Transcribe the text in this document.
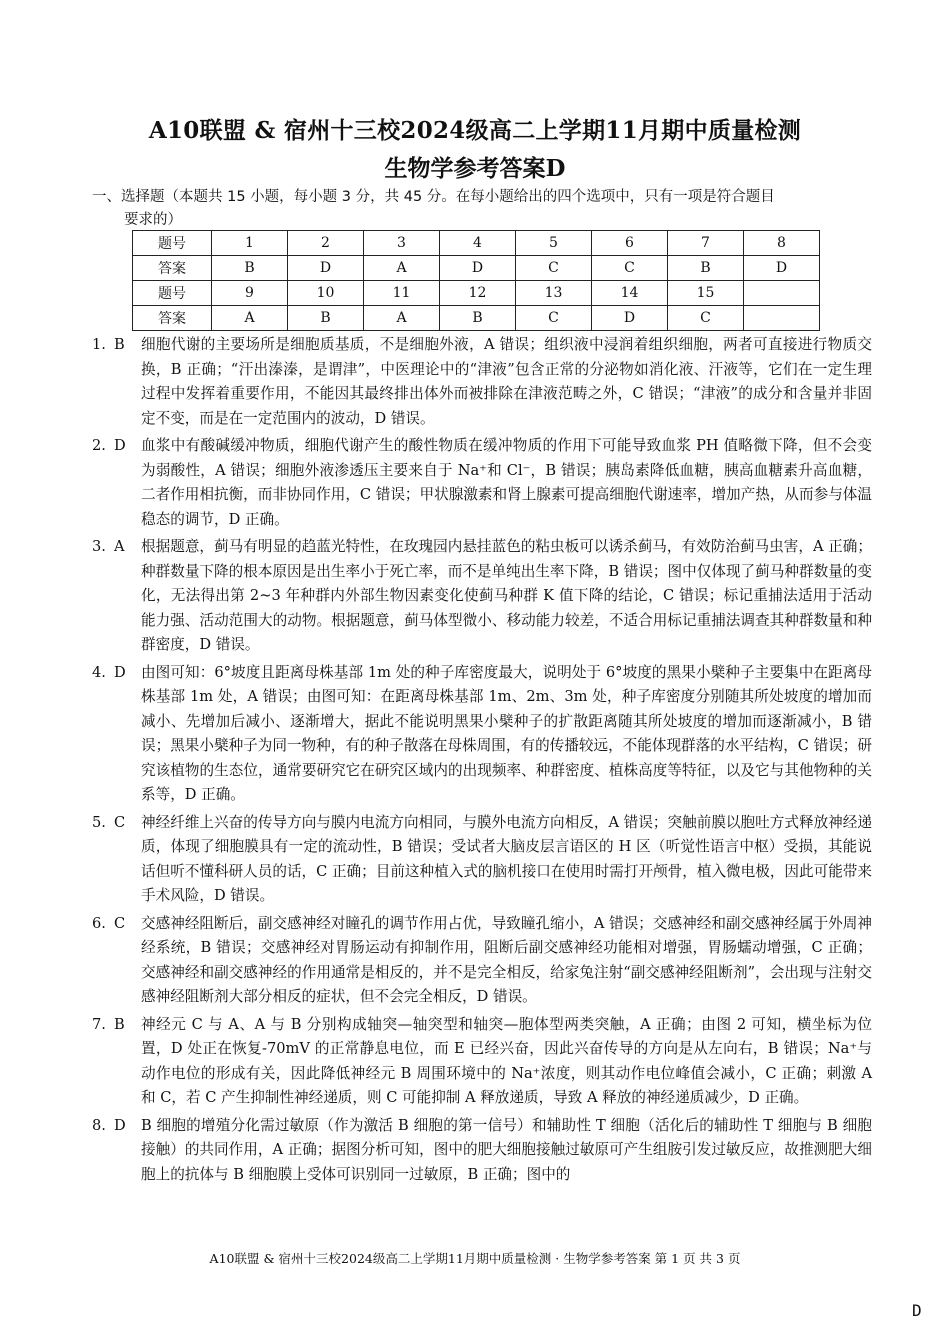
A10联盟 & 宿州十三校2024级高二上学期11月期中质量检测
生物学参考答案D
一、选择题（本题共 15 小题，每小题 3 分，共 45 分。在每小题给出的四个选项中，只有一项是符合题目
要求的）
题号	1	2	3	4	5	6	7	8
答案	B	D	A	D	C	C	B	D
题号	9	10	11	12	13	14	15	
答案	A	B	A	B	C	D	C	
1. B	细胞代谢的主要场所是细胞质基质，不是细胞外液，A 错误；组织液中浸润着组织细胞，两者可直接进行物质交换，B 正确；“汗出溱溱，是谓津”，中医理论中的“津液”包含正常的分泌物如消化液、汗液等，它们在一定生理过程中发挥着重要作用，不能因其最终排出体外而被排除在津液范畴之外，C 错误；“津液”的成分和含量并非固定不变，而是在一定范围内的波动，D 错误。
2. D	血浆中有酸碱缓冲物质，细胞代谢产生的酸性物质在缓冲物质的作用下可能导致血浆 PH 值略微下降，但不会变为弱酸性，A 错误；细胞外液渗透压主要来自于 Na⁺和 Cl⁻，B 错误；胰岛素降低血糖，胰高血糖素升高血糖，二者作用相抗衡，而非协同作用，C 错误；甲状腺激素和肾上腺素可提高细胞代谢速率，增加产热，从而参与体温稳态的调节，D 正确。
3. A	根据题意，蓟马有明显的趋蓝光特性，在玫瑰园内悬挂蓝色的粘虫板可以诱杀蓟马，有效防治蓟马虫害，A 正确；种群数量下降的根本原因是出生率小于死亡率，而不是单纯出生率下降，B 错误；图中仅体现了蓟马种群数量的变化，无法得出第 2~3 年种群内外部生物因素变化使蓟马种群 K 值下降的结论，C 错误；标记重捕法适用于活动能力强、活动范围大的动物。根据题意，蓟马体型微小、移动能力较差，不适合用标记重捕法调查其种群数量和种群密度，D 错误。
4. D	由图可知：6°坡度且距离母株基部 1m 处的种子库密度最大，说明处于 6°坡度的黑果小檗种子主要集中在距离母株基部 1m 处，A 错误；由图可知：在距离母株基部 1m、2m、3m 处，种子库密度分别随其所处坡度的增加而减小、先增加后减小、逐渐增大，据此不能说明黑果小檗种子的扩散距离随其所处坡度的增加而逐渐减小，B 错误；黑果小檗种子为同一物种，有的种子散落在母株周围，有的传播较远，不能体现群落的水平结构，C 错误；研究该植物的生态位，通常要研究它在研究区域内的出现频率、种群密度、植株高度等特征，以及它与其他物种的关系等，D 正确。
5. C	神经纤维上兴奋的传导方向与膜内电流方向相同，与膜外电流方向相反，A 错误；突触前膜以胞吐方式释放神经递质，体现了细胞膜具有一定的流动性，B 错误；受试者大脑皮层言语区的 H 区（听觉性语言中枢）受损，其能说话但听不懂科研人员的话，C 正确；目前这种植入式的脑机接口在使用时需打开颅骨，植入微电极，因此可能带来手术风险，D 错误。
6. C	交感神经阻断后，副交感神经对瞳孔的调节作用占优，导致瞳孔缩小，A 错误；交感神经和副交感神经属于外周神经系统，B 错误；交感神经对胃肠运动有抑制作用，阻断后副交感神经功能相对增强，胃肠蠕动增强，C 正确；交感神经和副交感神经的作用通常是相反的，并不是完全相反，给家兔注射“副交感神经阻断剂”，会出现与注射交感神经阻断剂大部分相反的症状，但不会完全相反，D 错误。
7. B	神经元 C 与 A、A 与 B 分别构成轴突—轴突型和轴突—胞体型两类突触，A 正确；由图 2 可知，横坐标为位置，D 处正在恢复-70mV 的正常静息电位，而 E 已经兴奋，因此兴奋传导的方向是从左向右，B 错误；Na⁺与动作电位的形成有关，因此降低神经元 B 周围环境中的 Na⁺浓度，则其动作电位峰值会减小，C 正确；刺激 A 和 C，若 C 产生抑制性神经递质，则 C 可能抑制 A 释放递质，导致 A 释放的神经递质减少，D 正确。
8. D	B 细胞的增殖分化需过敏原（作为激活 B 细胞的第一信号）和辅助性 T 细胞（活化后的辅助性 T 细胞与 B 细胞接触）的共同作用，A 正确；据图分析可知，图中的肥大细胞接触过敏原可产生组胺引发过敏反应，故推测肥大细胞上的抗体与 B 细胞膜上受体可识别同一过敏原，B 正确；图中的
A10联盟 & 宿州十三校2024级高二上学期11月期中质量检测 · 生物学参考答案 第 1 页 共 3 页
D
